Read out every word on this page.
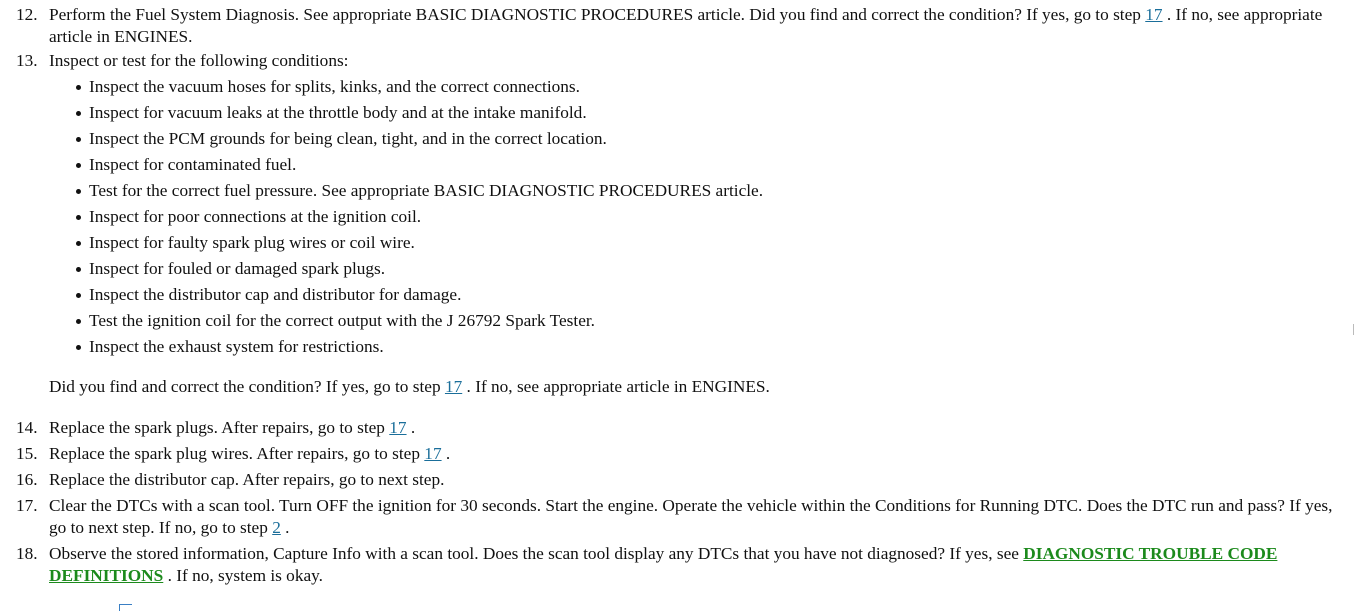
12. Perform the Fuel System Diagnosis. See appropriate BASIC DIAGNOSTIC PROCEDURES article. Did you find and correct the condition? If yes, go to step 17 . If no, see appropriate article in ENGINES.
13. Inspect or test for the following conditions:
Inspect the vacuum hoses for splits, kinks, and the correct connections.
Inspect for vacuum leaks at the throttle body and at the intake manifold.
Inspect the PCM grounds for being clean, tight, and in the correct location.
Inspect for contaminated fuel.
Test for the correct fuel pressure. See appropriate BASIC DIAGNOSTIC PROCEDURES article.
Inspect for poor connections at the ignition coil.
Inspect for faulty spark plug wires or coil wire.
Inspect for fouled or damaged spark plugs.
Inspect the distributor cap and distributor for damage.
Test the ignition coil for the correct output with the J 26792 Spark Tester.
Inspect the exhaust system for restrictions.
Did you find and correct the condition? If yes, go to step 17 . If no, see appropriate article in ENGINES.
14. Replace the spark plugs. After repairs, go to step 17 .
15. Replace the spark plug wires. After repairs, go to step 17 .
16. Replace the distributor cap. After repairs, go to next step.
17. Clear the DTCs with a scan tool. Turn OFF the ignition for 30 seconds. Start the engine. Operate the vehicle within the Conditions for Running DTC. Does the DTC run and pass? If yes, go to next step. If no, go to step 2 .
18. Observe the stored information, Capture Info with a scan tool. Does the scan tool display any DTCs that you have not diagnosed? If yes, see DIAGNOSTIC TROUBLE CODE DEFINITIONS . If no, system is okay.
